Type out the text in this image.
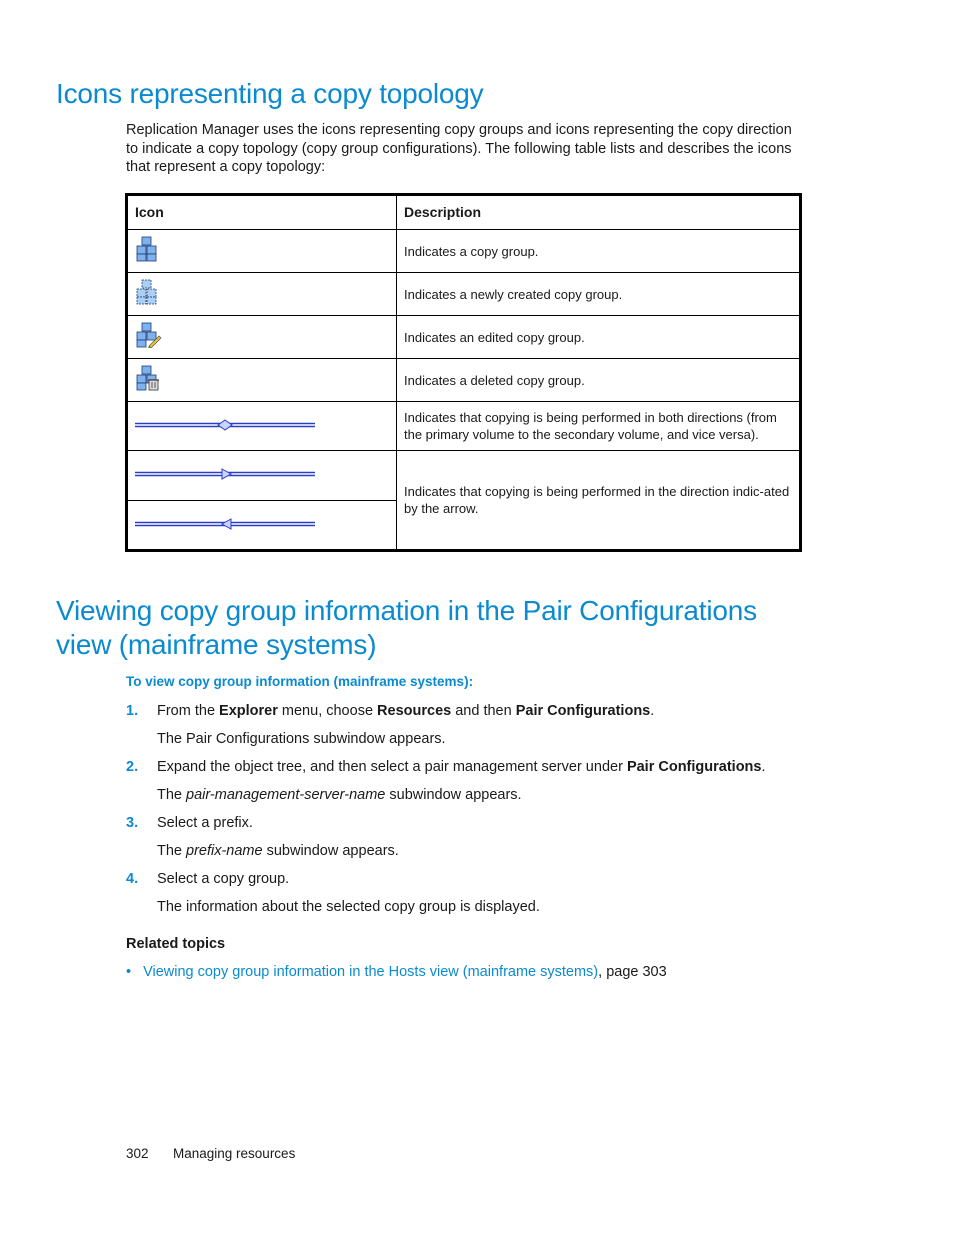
Icons representing a copy topology

Replication Manager uses the icons representing copy groups and icons representing the copy direction to indicate a copy topology (copy group configurations). The following table lists and describes the icons that represent a copy topology:

Icon	Description
	Indicates a copy group.
	Indicates a newly created copy group.
	Indicates an edited copy group.
	Indicates a deleted copy group.
	Indicates that copying is being performed in both directions (from the primary volume to the secondary volume, and vice versa).
	Indicates that copying is being performed in the direction indic-ated by the arrow.

Viewing copy group information in the Pair Configurations view (mainframe systems)
To view copy group information (mainframe systems):
1. From the Explorer menu, choose Resources and then Pair Configurations.
The Pair Configurations subwindow appears.
2. Expand the object tree, and then select a pair management server under Pair Configurations.
The pair-management-server-name subwindow appears.
3. Select a prefix.
The prefix-name subwindow appears.
4. Select a copy group.
The information about the selected copy group is displayed.
Related topics
• Viewing copy group information in the Hosts view (mainframe systems), page 303
302 Managing resources
